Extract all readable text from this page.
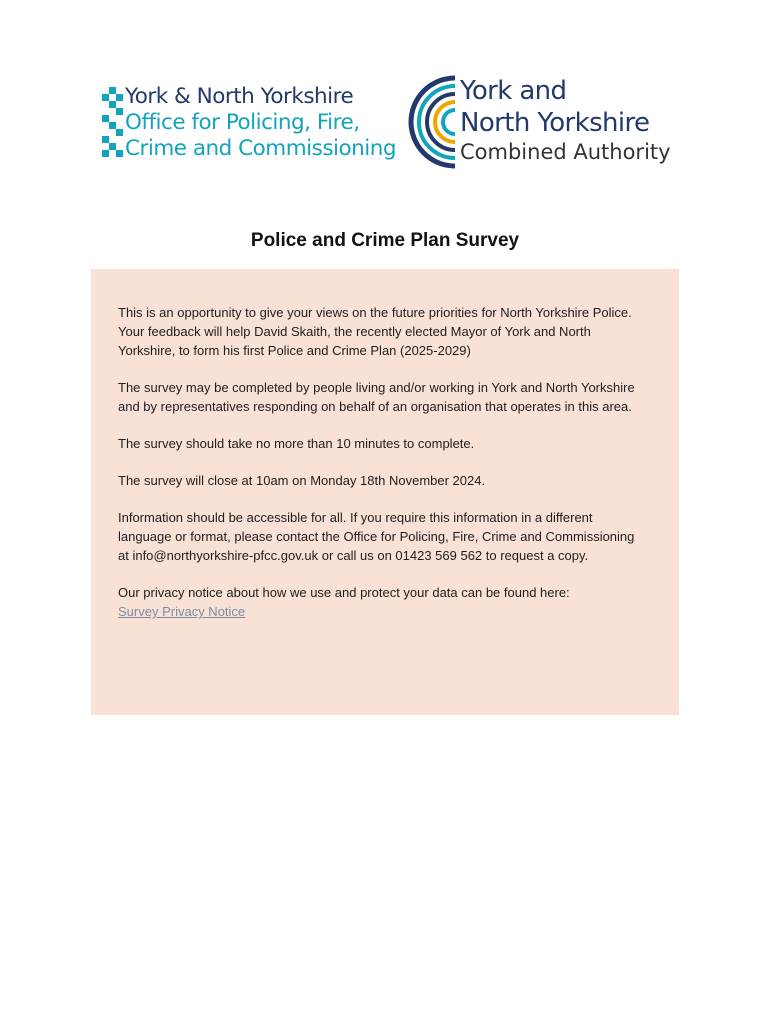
York & North Yorkshire
Office for Policing, Fire,
Crime and Commissioning
York and
North Yorkshire
Combined Authority
Police and Crime Plan Survey

This is an opportunity to give your views on the future priorities for North Yorkshire Police. Your feedback will help David Skaith, the recently elected Mayor of York and North Yorkshire, to form his first Police and Crime Plan (2025-2029)

The survey may be completed by people living and/or working in York and North Yorkshire and by representatives responding on behalf of an organisation that operates in this area.

The survey should take no more than 10 minutes to complete.

The survey will close at 10am on Monday 18th November 2024.

Information should be accessible for all. If you require this information in a different language or format, please contact the Office for Policing, Fire, Crime and Commissioning at info@northyorkshire-pfcc.gov.uk or call us on 01423 569 562 to request a copy.

Our privacy notice about how we use and protect your data can be found here:
Survey Privacy Notice
